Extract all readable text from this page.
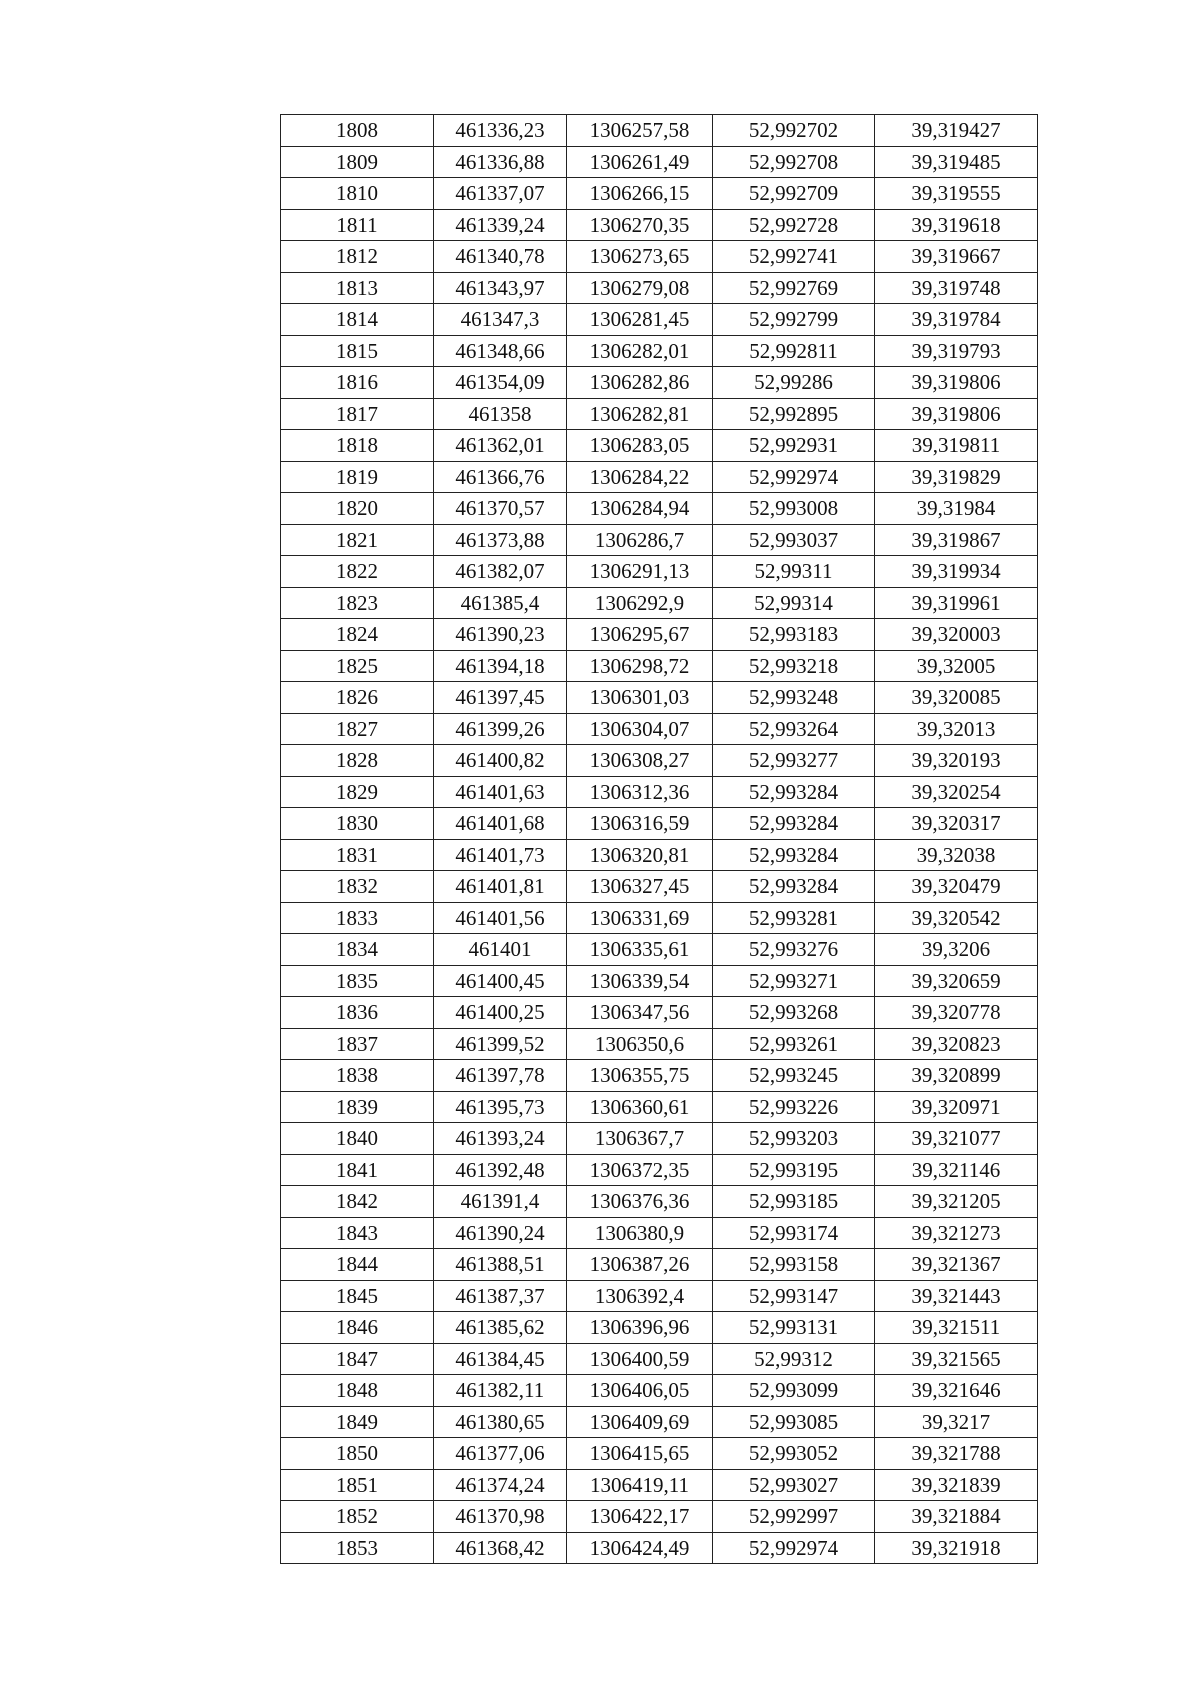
1808	461336,23	1306257,58	52,992702	39,319427
1809	461336,88	1306261,49	52,992708	39,319485
1810	461337,07	1306266,15	52,992709	39,319555
1811	461339,24	1306270,35	52,992728	39,319618
1812	461340,78	1306273,65	52,992741	39,319667
1813	461343,97	1306279,08	52,992769	39,319748
1814	461347,3	1306281,45	52,992799	39,319784
1815	461348,66	1306282,01	52,992811	39,319793
1816	461354,09	1306282,86	52,99286	39,319806
1817	461358	1306282,81	52,992895	39,319806
1818	461362,01	1306283,05	52,992931	39,319811
1819	461366,76	1306284,22	52,992974	39,319829
1820	461370,57	1306284,94	52,993008	39,31984
1821	461373,88	1306286,7	52,993037	39,319867
1822	461382,07	1306291,13	52,99311	39,319934
1823	461385,4	1306292,9	52,99314	39,319961
1824	461390,23	1306295,67	52,993183	39,320003
1825	461394,18	1306298,72	52,993218	39,32005
1826	461397,45	1306301,03	52,993248	39,320085
1827	461399,26	1306304,07	52,993264	39,32013
1828	461400,82	1306308,27	52,993277	39,320193
1829	461401,63	1306312,36	52,993284	39,320254
1830	461401,68	1306316,59	52,993284	39,320317
1831	461401,73	1306320,81	52,993284	39,32038
1832	461401,81	1306327,45	52,993284	39,320479
1833	461401,56	1306331,69	52,993281	39,320542
1834	461401	1306335,61	52,993276	39,3206
1835	461400,45	1306339,54	52,993271	39,320659
1836	461400,25	1306347,56	52,993268	39,320778
1837	461399,52	1306350,6	52,993261	39,320823
1838	461397,78	1306355,75	52,993245	39,320899
1839	461395,73	1306360,61	52,993226	39,320971
1840	461393,24	1306367,7	52,993203	39,321077
1841	461392,48	1306372,35	52,993195	39,321146
1842	461391,4	1306376,36	52,993185	39,321205
1843	461390,24	1306380,9	52,993174	39,321273
1844	461388,51	1306387,26	52,993158	39,321367
1845	461387,37	1306392,4	52,993147	39,321443
1846	461385,62	1306396,96	52,993131	39,321511
1847	461384,45	1306400,59	52,99312	39,321565
1848	461382,11	1306406,05	52,993099	39,321646
1849	461380,65	1306409,69	52,993085	39,3217
1850	461377,06	1306415,65	52,993052	39,321788
1851	461374,24	1306419,11	52,993027	39,321839
1852	461370,98	1306422,17	52,992997	39,321884
1853	461368,42	1306424,49	52,992974	39,321918
